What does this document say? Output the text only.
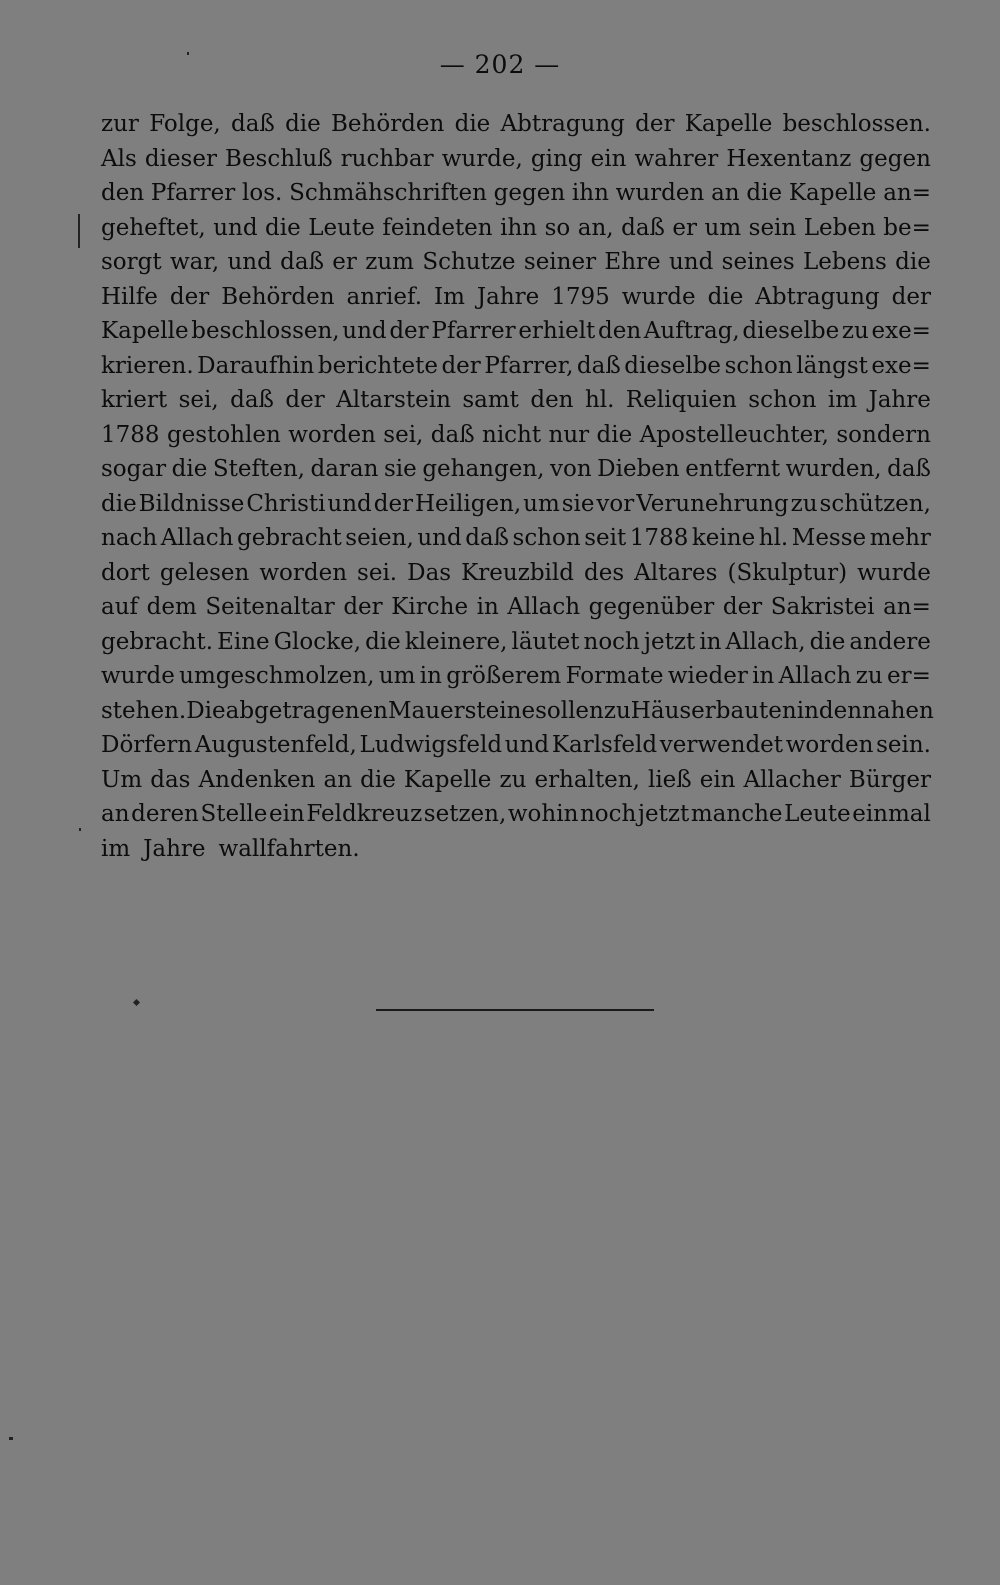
— 202 —
zur Folge, daß die Behörden die Abtragung der Kapelle beschlossen.
Als dieser Beschluß ruchbar wurde, ging ein wahrer Hexentanz gegen
den Pfarrer los. Schmähschriften gegen ihn wurden an die Kapelle an=
geheftet, und die Leute feindeten ihn so an, daß er um sein Leben be=
sorgt war, und daß er zum Schutze seiner Ehre und seines Lebens die
Hilfe der Behörden anrief. Im Jahre 1795 wurde die Abtragung der
Kapelle beschlossen, und der Pfarrer erhielt den Auftrag, dieselbe zu exe=
krieren. Daraufhin berichtete der Pfarrer, daß dieselbe schon längst exe=
kriert sei, daß der Altarstein samt den hl. Reliquien schon im Jahre
1788 gestohlen worden sei, daß nicht nur die Apostelleuchter, sondern
sogar die Steften, daran sie gehangen, von Dieben entfernt wurden, daß
die Bildnisse Christi und der Heiligen, um sie vor Verunehrung zu schützen,
nach Allach gebracht seien, und daß schon seit 1788 keine hl. Messe mehr
dort gelesen worden sei. Das Kreuzbild des Altares (Skulptur) wurde
auf dem Seitenaltar der Kirche in Allach gegenüber der Sakristei an=
gebracht. Eine Glocke, die kleinere, läutet noch jetzt in Allach, die andere
wurde umgeschmolzen, um in größerem Formate wieder in Allach zu er=
stehen. Die abgetragenen Mauersteine sollen zu Häuserbauten in den nahen
Dörfern Augustenfeld, Ludwigsfeld und Karlsfeld verwendet worden sein.
Um das Andenken an die Kapelle zu erhalten, ließ ein Allacher Bürger
an deren Stelle ein Feldkreuz setzen, wohin noch jetzt manche Leute einmal
im Jahre wallfahrten.
